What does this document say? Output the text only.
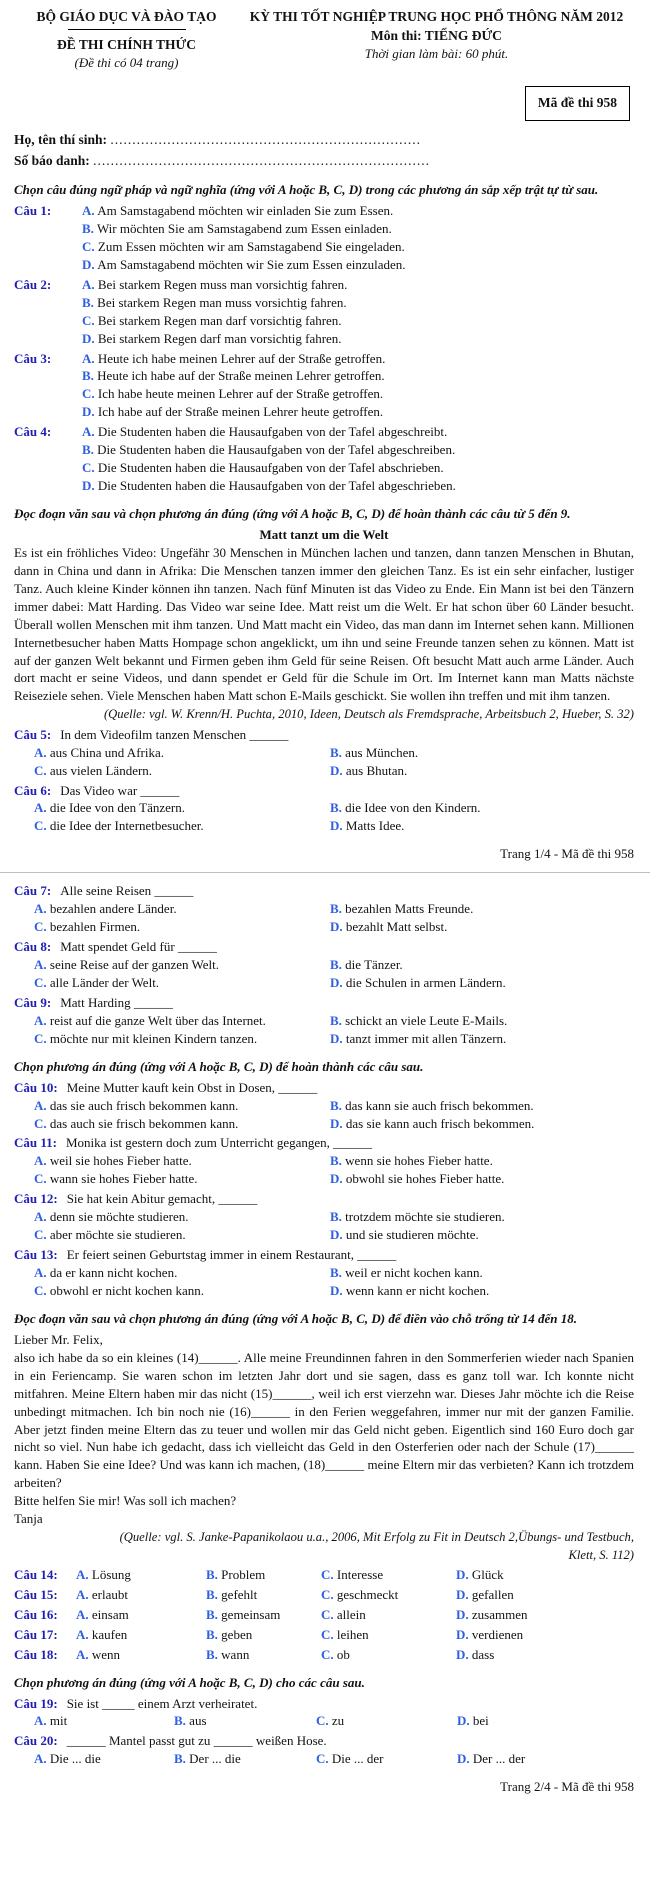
BỘ GIÁO DỤC VÀ ĐÀO TẠO
ĐỀ THI CHÍNH THỨC
(Đề thi có 04 trang)
KỲ THI TỐT NGHIỆP TRUNG HỌC PHỔ THÔNG NĂM 2012
Môn thi: TIẾNG ĐỨC
Thời gian làm bài: 60 phút.
Mã đề thi 958
Họ, tên thí sinh: .......................................................................
Số báo danh: .............................................................................
Chọn câu đúng ngữ pháp và ngữ nghĩa (ứng với A hoặc B, C, D) trong các phương án sắp xếp trật tự từ sau.
Câu 1:	A. Am Samstagabend möchten wir einladen Sie zum Essen.
B. Wir möchten Sie am Samstagabend zum Essen einladen.
C. Zum Essen möchten wir am Samstagabend Sie eingeladen.
D. Am Samstagabend möchten wir Sie zum Essen einzuladen.
Câu 2:	A. Bei starkem Regen muss man vorsichtig fahren.
B. Bei starkem Regen man muss vorsichtig fahren.
C. Bei starkem Regen man darf vorsichtig fahren.
D. Bei starkem Regen darf man vorsichtig fahren.
Câu 3:	A. Heute ich habe meinen Lehrer auf der Straße getroffen.
B. Heute ich habe auf der Straße meinen Lehrer getroffen.
C. Ich habe heute meinen Lehrer auf der Straße getroffen.
D. Ich habe auf der Straße meinen Lehrer heute getroffen.
Câu 4:	A. Die Studenten haben die Hausaufgaben von der Tafel abgeschreibt.
B. Die Studenten haben die Hausaufgaben von der Tafel abgeschreiben.
C. Die Studenten haben die Hausaufgaben von der Tafel abschrieben.
D. Die Studenten haben die Hausaufgaben von der Tafel abgeschrieben.
Đọc đoạn văn sau và chọn phương án đúng (ứng với A hoặc B, C, D) để hoàn thành các câu từ 5 đến 9.
Matt tanzt um die Welt
Es ist ein fröhliches Video: Ungefähr 30 Menschen in München lachen und tanzen, dann tanzen Menschen in Bhutan, dann in China und dann in Afrika: Die Menschen tanzen immer den gleichen Tanz. Es ist ein sehr einfacher, lustiger Tanz. Auch kleine Kinder können ihn tanzen. Nach fünf Minuten ist das Video zu Ende. Ein Mann ist bei den Tänzern immer dabei: Matt Harding. Das Video war seine Idee. Matt reist um die Welt. Er hat schon über 60 Länder besucht. Überall wollen Menschen mit ihm tanzen. Und Matt macht ein Video, das man dann im Internet sehen kann. Millionen Internetbesucher haben Matts Hompage schon angeklickt, um ihn und seine Freunde tanzen sehen zu können. Matt ist auf der ganzen Welt bekannt und Firmen geben ihm Geld für seine Reisen. Oft besucht Matt auch arme Länder. Auch dort macht er seine Videos, und dann spendet er Geld für die Schule im Ort. Im Internet kann man Matts nächste Reiseziele sehen. Viele Menschen haben Matt schon E-Mails geschickt. Sie wollen ihn treffen und mit ihm tanzen.
(Quelle: vgl. W. Krenn/H. Puchta, 2010, Ideen, Deutsch als Fremdsprache, Arbeitsbuch 2, Hueber, S. 32)
Câu 5: In dem Videofilm tanzen Menschen ______
A. aus China und Afrika.	B. aus München.
C. aus vielen Ländern.	D. aus Bhutan.
Câu 6: Das Video war ______
A. die Idee von den Tänzern.	B. die Idee von den Kindern.
C. die Idee der Internetbesucher.	D. Matts Idee.
Trang 1/4 - Mã đề thi 958
Câu 7: Alle seine Reisen ______
A. bezahlen andere Länder.	B. bezahlen Matts Freunde.
C. bezahlen Firmen.	D. bezahlt Matt selbst.
Câu 8: Matt spendet Geld für ______
A. seine Reise auf der ganzen Welt.	B. die Tänzer.
C. alle Länder der Welt.	D. die Schulen in armen Ländern.
Câu 9: Matt Harding ______
A. reist auf die ganze Welt über das Internet.	B. schickt an viele Leute E-Mails.
C. möchte nur mit kleinen Kindern tanzen.	D. tanzt immer mit allen Tänzern.
Chọn phương án đúng (ứng với A hoặc B, C, D) để hoàn thành các câu sau.
Câu 10: Meine Mutter kauft kein Obst in Dosen, ______
A. das sie auch frisch bekommen kann.	B. das kann sie auch frisch bekommen.
C. das auch sie frisch bekommen kann.	D. das sie kann auch frisch bekommen.
Câu 11: Monika ist gestern doch zum Unterricht gegangen, ______
A. weil sie hohes Fieber hatte.	B. wenn sie hohes Fieber hatte.
C. wann sie hohes Fieber hatte.	D. obwohl sie hohes Fieber hatte.
Câu 12: Sie hat kein Abitur gemacht, ______
A. denn sie möchte studieren.	B. trotzdem möchte sie studieren.
C. aber möchte sie studieren.	D. und sie studieren möchte.
Câu 13: Er feiert seinen Geburtstag immer in einem Restaurant, ______
A. da er kann nicht kochen.	B. weil er nicht kochen kann.
C. obwohl er nicht kochen kann.	D. wenn kann er nicht kochen.
Đọc đoạn văn sau và chọn phương án đúng (ứng với A hoặc B, C, D) để điền vào chỗ trống từ 14 đến 18.
Lieber Mr. Felix,
also ich habe da so ein kleines (14)______. Alle meine Freundinnen fahren in den Sommerferien wieder nach Spanien in ein Feriencamp. Sie waren schon im letzten Jahr dort und sie sagen, dass es ganz toll war. Ich konnte nicht mitfahren. Meine Eltern haben mir das nicht (15)______, weil ich erst vierzehn war. Dieses Jahr möchte ich die Reise unbedingt mitmachen. Ich bin noch nie (16)______ in den Ferien weggefahren, immer nur mit der ganzen Familie. Aber jetzt finden meine Eltern das zu teuer und wollen mir das Geld nicht geben. Eigentlich sind 160 Euro doch gar nicht so viel. Nun habe ich gedacht, dass ich vielleicht das Geld in den Osterferien oder nach der Schule (17)______ kann. Haben Sie eine Idee? Und was kann ich machen, (18)______ meine Eltern mir das verbieten? Kann ich trotzdem arbeiten?
Bitte helfen Sie mir! Was soll ich machen?
Tanja
(Quelle: vgl. S. Janke-Papanikolaou u.a., 2006, Mit Erfolg zu Fit in Deutsch 2,Übungs- und Testbuch,
Klett, S. 112)
Câu 14:	A. Lösung	B. Problem	C. Interesse	D. Glück
Câu 15:	A. erlaubt	B. gefehlt	C. geschmeckt	D. gefallen
Câu 16:	A. einsam	B. gemeinsam	C. allein	D. zusammen
Câu 17:	A. kaufen	B. geben	C. leihen	D. verdienen
Câu 18:	A. wenn	B. wann	C. ob	D. dass
Chọn phương án đúng (ứng với A hoặc B, C, D) cho các câu sau.
Câu 19: Sie ist _____ einem Arzt verheiratet.
A. mit	B. aus	C. zu	D. bei
Câu 20: ______ Mantel passt gut zu ______ weißen Hose.
A. Die ... die	B. Der ... die	C. Die ... der	D. Der ... der
Trang 2/4 - Mã đề thi 958
